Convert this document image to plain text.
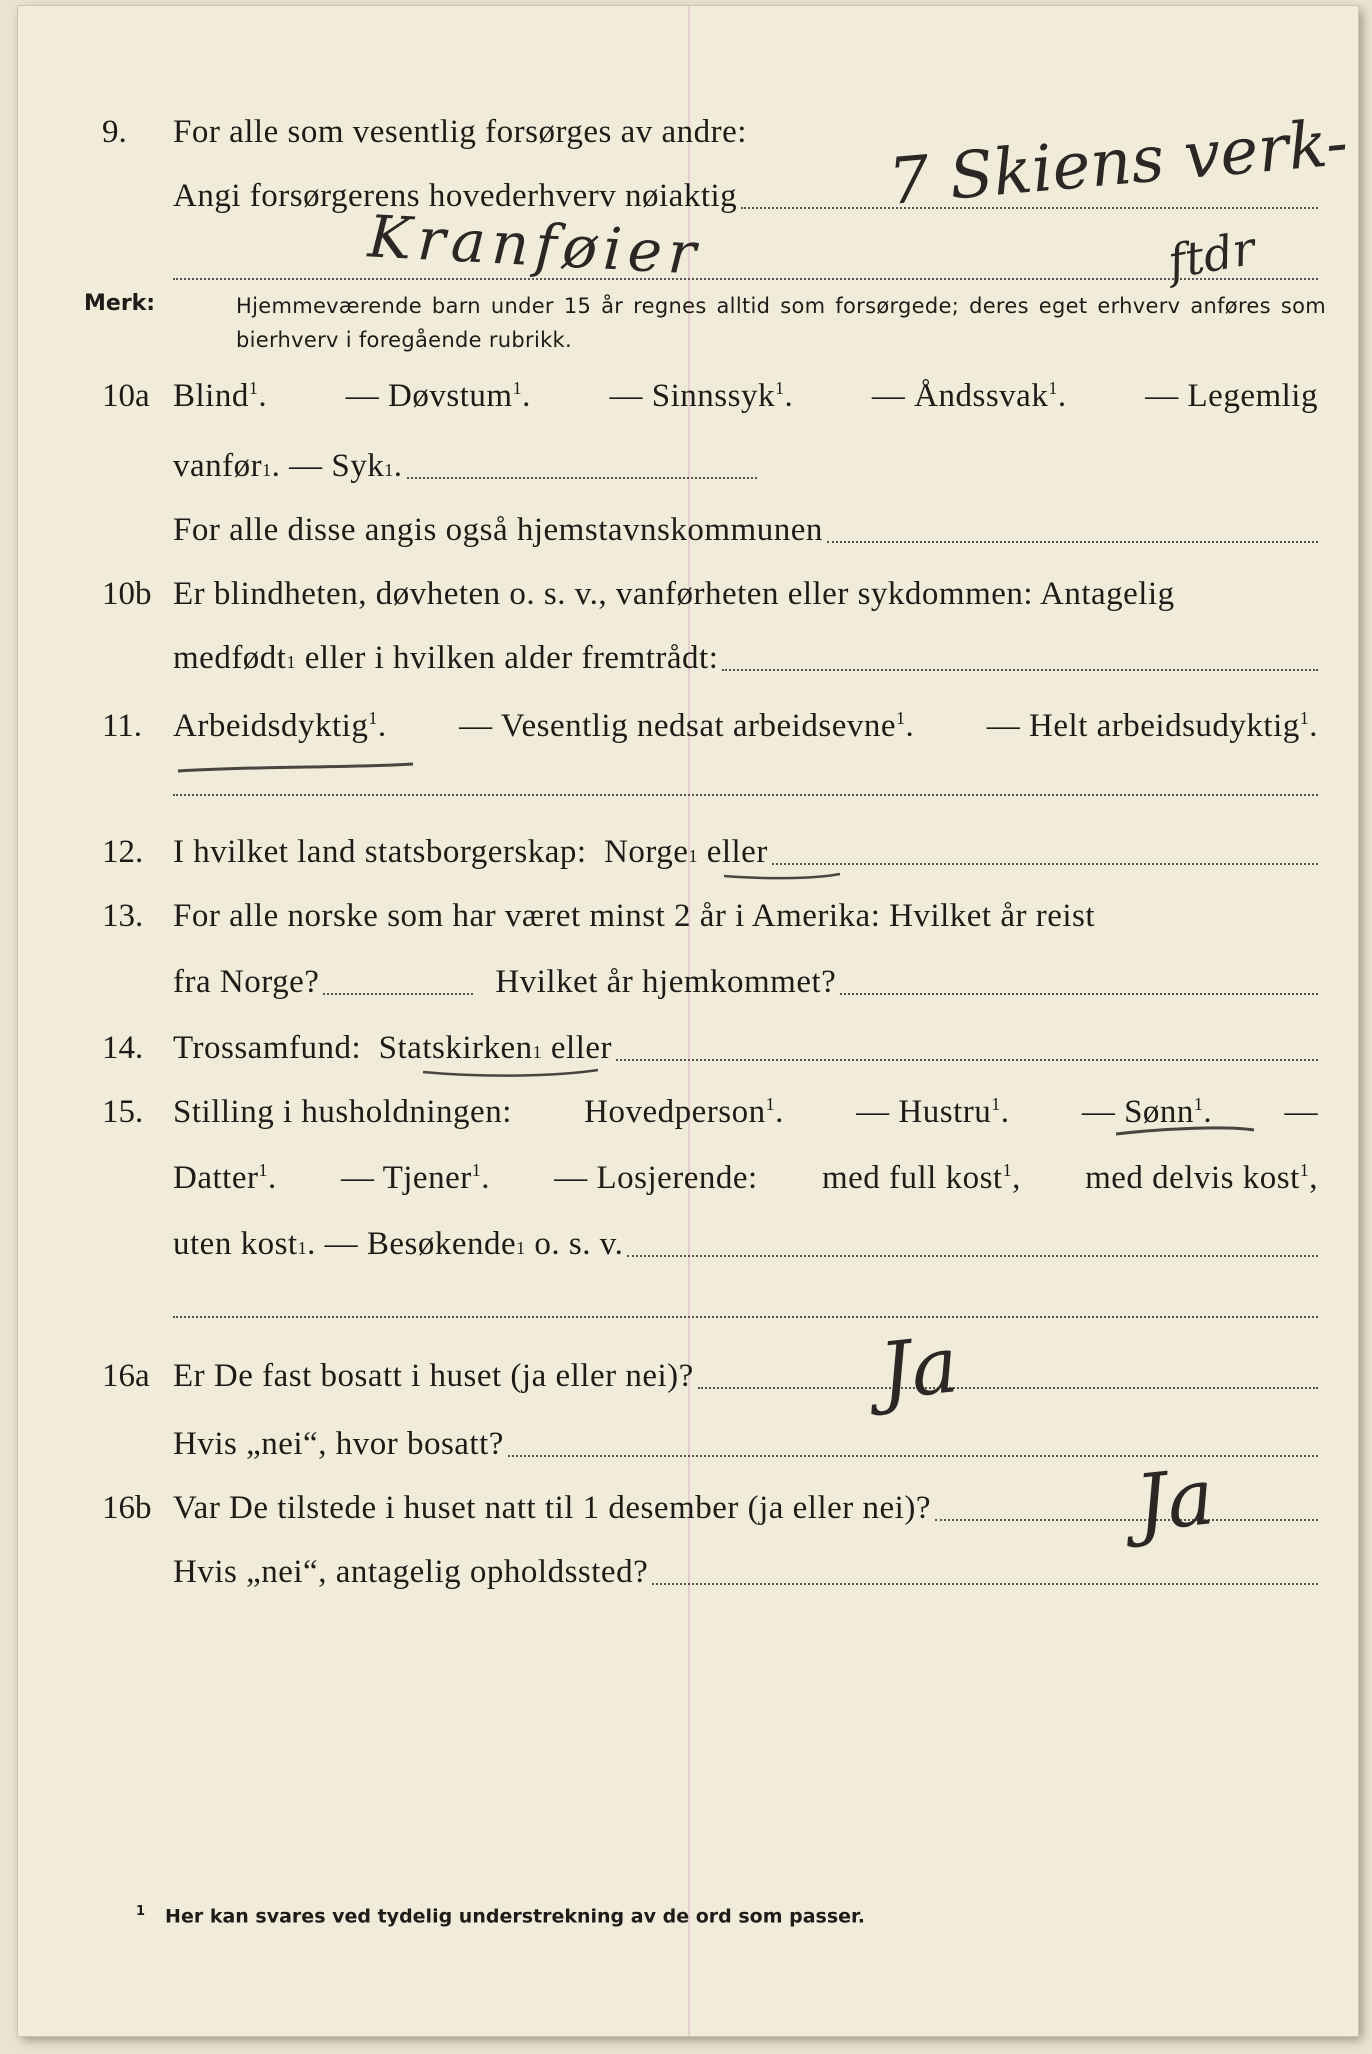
9. For alle som vesentlig forsørges av andre:
Angi forsørgerens hovederhverv nøiaktig 7 Skiens verk-
Kranføier	ftdr
Merk:	Hjemmeværende barn under 15 år regnes alltid som forsørgede; deres eget erhverv anføres som bierhverv i foregående rubrikk.
10a Blind$^1$. — Døvstum$^1$. — Sinnssyk$^1$. — Åndssvak$^1$. — Legemlig
vanfør 1 . — Syk 1 .
For alle disse angis også hjemstavnskommunen
10b Er blindheten, døvheten o. s. v., vanførheten eller sykdommen: Antagelig
medfødt 1
eller i hvilken alder fremtrådt:
11. Arbeidsdyktig$^1$. — Vesentlig nedsat arbeidsevne$^1$. — Helt arbeidsudyktig$^1$.
12. I hvilket land statsborgerskap:
Norge 1
eller
13. For alle norske som har været minst 2 år i Amerika: Hvilket år reist
fra Norge?	Hvilket år hjemkommet?
14. Trossamfund:
Statskirken 1
eller
15. Stilling i husholdningen: Hovedperson$^1$. — Hustru$^1$. — Sønn$^1$. —
Datter$^1$. — Tjener$^1$. — Losjerende: med full kost$^1$, med delvis kost$^1$,
uten kost 1 . — Besøkende 1
o. s. v.
16a Er De fast bosatt i huset (ja eller nei)? Ja
Hvis „nei“, hvor bosatt?
16b Var De tilstede i huset natt til 1 desember (ja eller nei)?	Ja
Hvis „nei“, antagelig opholdssted?
$^1$ Her kan svares ved tydelig understrekning av de ord som passer.
